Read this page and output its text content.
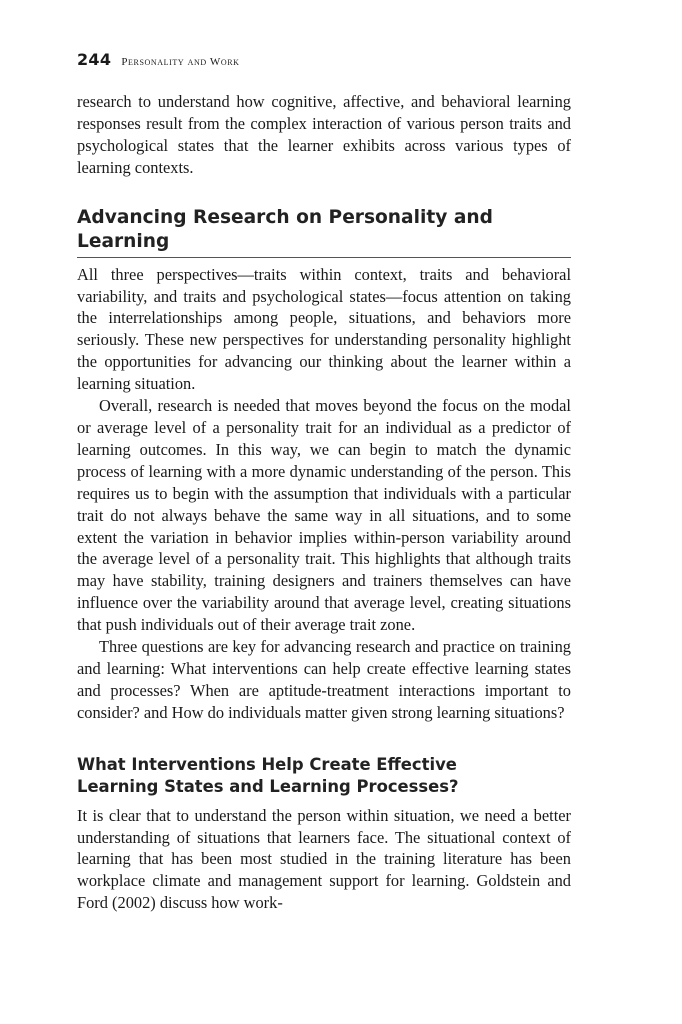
244 Personality and Work

research to understand how cognitive, affective, and behavioral learning responses result from the complex interaction of various person traits and psychological states that the learner exhibits across various types of learning contexts.

Advancing Research on Personality and Learning

All three perspectives—traits within context, traits and behavioral variability, and traits and psychological states—focus attention on taking the interrelationships among people, situations, and behaviors more seriously. These new perspectives for understanding personality highlight the opportunities for advancing our thinking about the learner within a learning situation.

Overall, research is needed that moves beyond the focus on the modal or average level of a personality trait for an individual as a predictor of learning outcomes. In this way, we can begin to match the dynamic process of learning with a more dynamic understanding of the person. This requires us to begin with the assumption that individuals with a particular trait do not always behave the same way in all situations, and to some extent the variation in behavior implies within-person variability around the average level of a personality trait. This highlights that although traits may have stability, training designers and trainers themselves can have influence over the variability around that average level, creating situations that push individuals out of their average trait zone.

Three questions are key for advancing research and practice on training and learning: What interventions can help create effective learning states and processes? When are aptitude-treatment interactions important to consider? and How do individuals matter given strong learning situations?

What Interventions Help Create Effective Learning States and Learning Processes?

It is clear that to understand the person within situation, we need a better understanding of situations that learners face. The situational context of learning that has been most studied in the training literature has been workplace climate and management support for learning. Goldstein and Ford (2002) discuss how work-
